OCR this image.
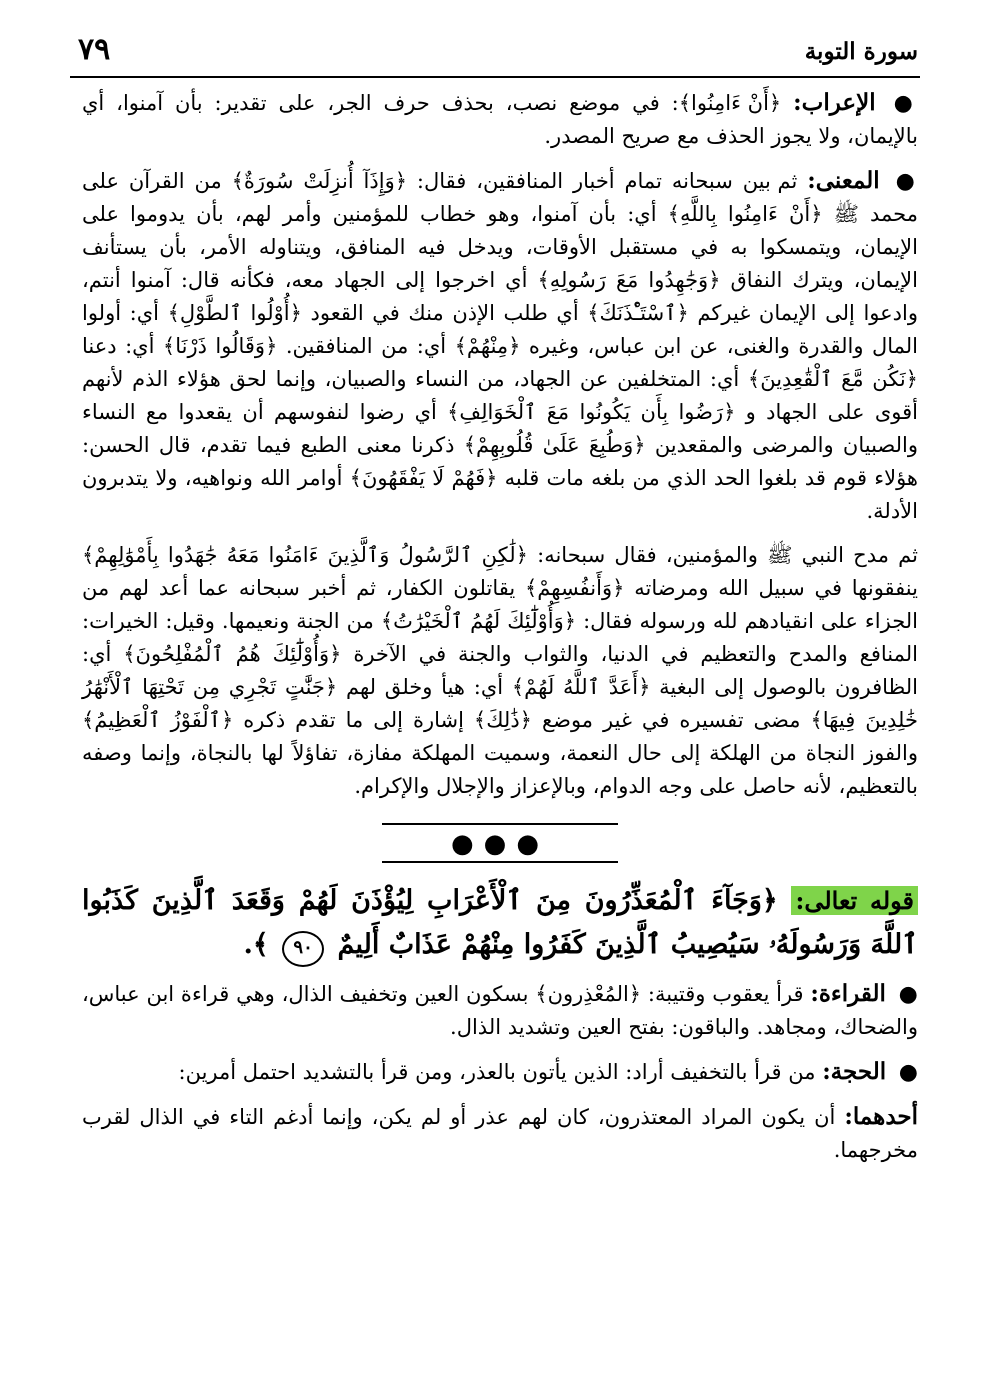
٧٩	سورة التوبة

● الإعراب: ﴿أَنْ ءَامِنُوا﴾: في موضع نصب، بحذف حرف الجر، على تقدير: بأن آمنوا، أي بالإيمان، ولا يجوز الحذف مع صريح المصدر.

● المعنى: ثم بين سبحانه تمام أخبار المنافقين، فقال: ﴿وَإِذَآ أُنزِلَتْ سُورَةٌ﴾ من القرآن على محمد ﷺ ﴿أَنْ ءَامِنُوا بِاللَّهِ﴾ أي: بأن آمنوا، وهو خطاب للمؤمنين وأمر لهم، بأن يدوموا على الإيمان، ويتمسكوا به في مستقبل الأوقات، ويدخل فيه المنافق، ويتناوله الأمر، بأن يستأنف الإيمان، ويترك النفاق ﴿وَجَٰهِدُوا مَعَ رَسُولِهِ﴾ أي اخرجوا إلى الجهاد معه، فكأنه قال: آمنوا أنتم، وادعوا إلى الإيمان غيركم ﴿ٱسْتَـْٔذَنَكَ﴾ أي طلب الإذن منك في القعود ﴿أُوْلُوا ٱلطَّوْلِ﴾ أي: أولوا المال والقدرة والغنى، عن ابن عباس، وغيره ﴿مِنْهُمْ﴾ أي: من المنافقين. ﴿وَقَالُوا ذَرْنَا﴾ أي: دعنا ﴿نَكُن مَّعَ ٱلْقَٰعِدِينَ﴾ أي: المتخلفين عن الجهاد، من النساء والصبيان، وإنما لحق هؤلاء الذم لأنهم أقوى على الجهاد و ﴿رَضُوا بِأَن يَكُونُوا مَعَ ٱلْخَوَالِفِ﴾ أي رضوا لنفوسهم أن يقعدوا مع النساء والصبيان والمرضى والمقعدين ﴿وَطُبِعَ عَلَىٰ قُلُوبِهِمْ﴾ ذكرنا معنى الطبع فيما تقدم، قال الحسن: هؤلاء قوم قد بلغوا الحد الذي من بلغه مات قلبه ﴿فَهُمْ لَا يَفْقَهُونَ﴾ أوامر الله ونواهيه، ولا يتدبرون الأدلة.

ثم مدح النبي ﷺ والمؤمنين، فقال سبحانه: ﴿لَٰكِنِ ٱلرَّسُولُ وَٱلَّذِينَ ءَامَنُوا مَعَهُ جَٰهَدُوا بِأَمْوَٰلِهِمْ﴾ ينفقونها في سبيل الله ومرضاته ﴿وَأَنفُسِهِمْ﴾ يقاتلون الكفار، ثم أخبر سبحانه عما أعد لهم من الجزاء على انقيادهم لله ورسوله فقال: ﴿وَأُوْلَٰٓئِكَ لَهُمُ ٱلْخَيْرَٰتُ﴾ من الجنة ونعيمها. وقيل: الخيرات: المنافع والمدح والتعظيم في الدنيا، والثواب والجنة في الآخرة ﴿وَأُوْلَٰٓئِكَ هُمُ ٱلْمُفْلِحُونَ﴾ أي: الظافرون بالوصول إلى البغية ﴿أَعَدَّ ٱللَّهُ لَهُمْ﴾ أي: هيأ وخلق لهم ﴿جَنَّٰتٍ تَجْرِي مِن تَحْتِهَا ٱلْأَنْهَٰرُ خَٰلِدِينَ فِيهَا﴾ مضى تفسيره في غير موضع ﴿ذَٰلِكَ﴾ إشارة إلى ما تقدم ذكره ﴿ٱلْفَوْزُ ٱلْعَظِيمُ﴾ والفوز النجاة من الهلكة إلى حال النعمة، وسميت المهلكة مفازة، تفاؤلاً لها بالنجاة، وإنما وصفه بالتعظيم، لأنه حاصل على وجه الدوام، وبالإعزاز والإجلال والإكرام.

●●●
قوله تعالى: ﴿وَجَآءَ ٱلْمُعَذِّرُونَ مِنَ ٱلْأَعْرَابِ لِيُؤْذَنَ لَهُمْ وَقَعَدَ ٱلَّذِينَ كَذَبُوا ٱللَّهَ وَرَسُولَهُۥ سَيُصِيبُ ٱلَّذِينَ كَفَرُوا مِنْهُمْ عَذَابٌ أَلِيمٌ ٩٠ ﴾.

● القراءة: قرأ يعقوب وقتيبة: ﴿المُعْذِرون﴾ بسكون العين وتخفيف الذال، وهي قراءة ابن عباس، والضحاك، ومجاهد. والباقون: بفتح العين وتشديد الذال.

● الحجة: من قرأ بالتخفيف أراد: الذين يأتون بالعذر، ومن قرأ بالتشديد احتمل أمرين:

أحدهما: أن يكون المراد المعتذرون، كان لهم عذر أو لم يكن، وإنما أدغم التاء في الذال لقرب مخرجهما.
